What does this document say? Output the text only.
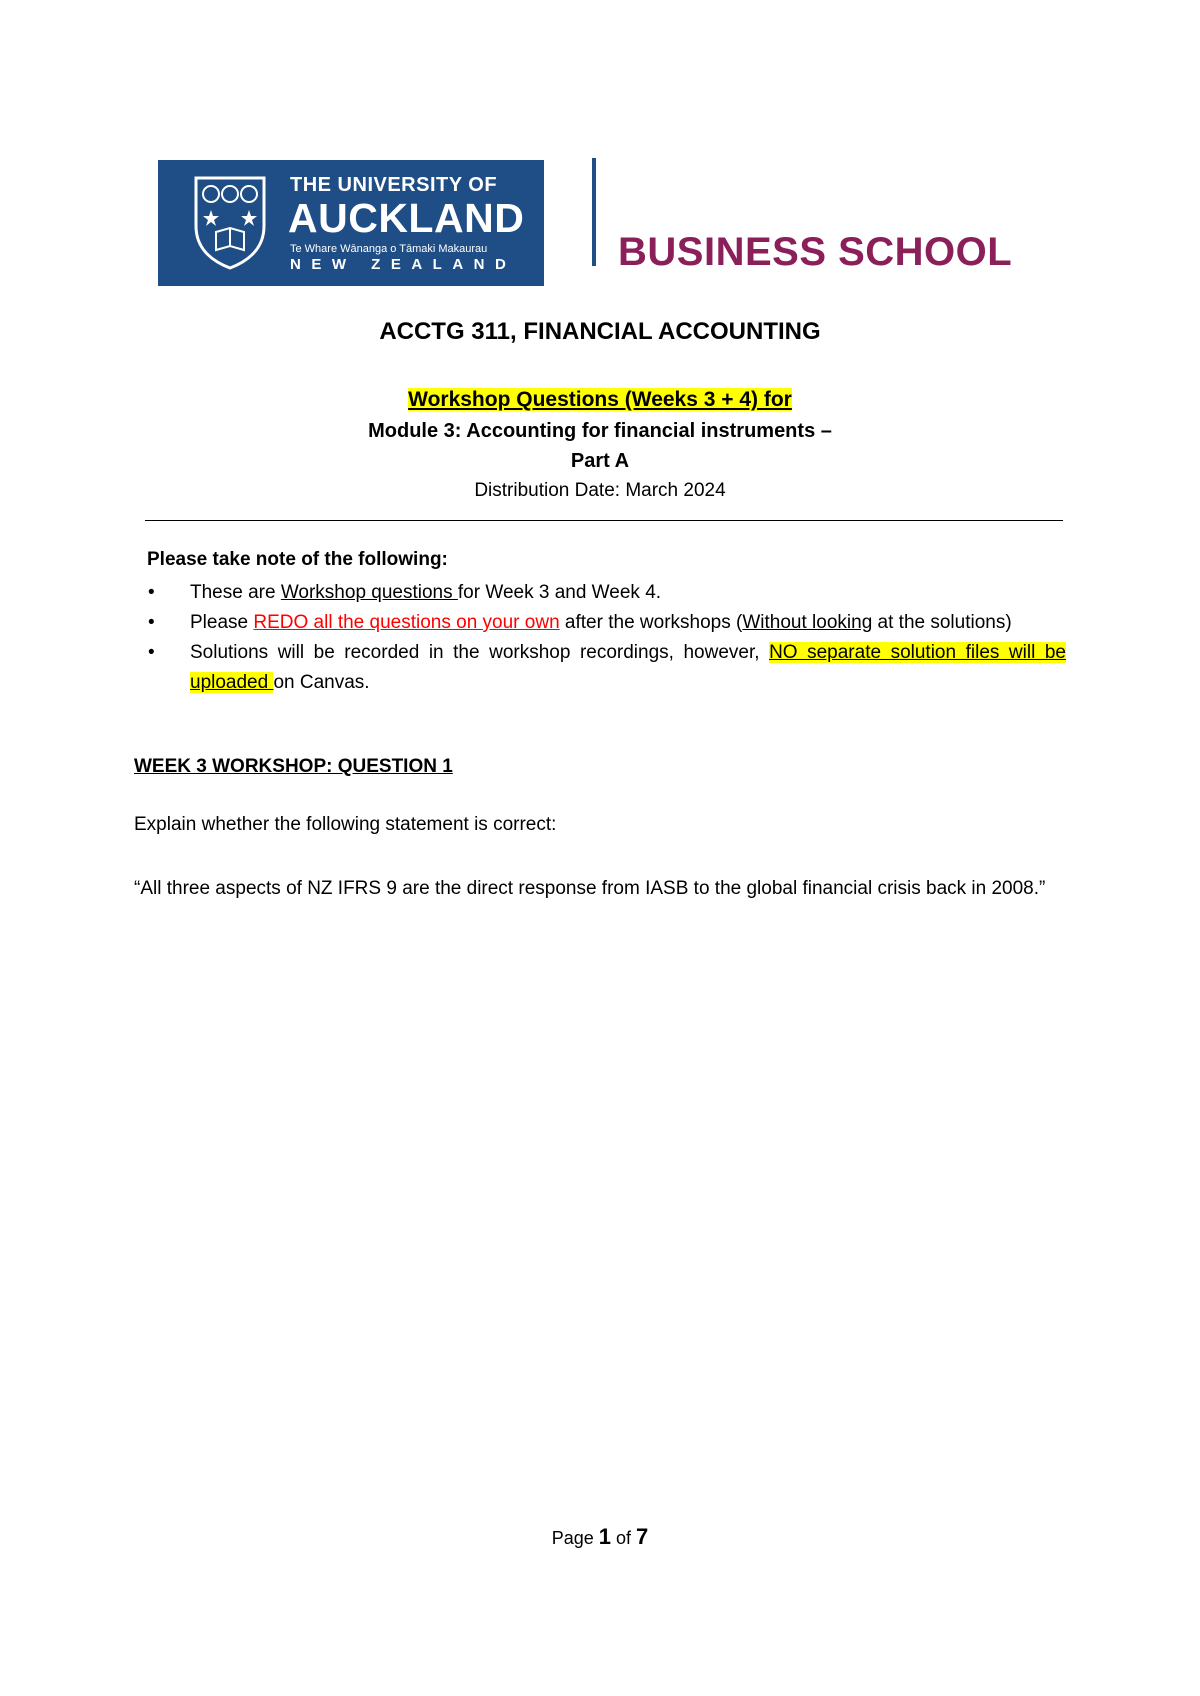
THE UNIVERSITY OF
AUCKLAND
Te Whare Wānanga o Tāmaki Makaurau
NEW ZEALAND	BUSINESS SCHOOL
ACCTG 311, FINANCIAL ACCOUNTING
Workshop Questions (Weeks 3 + 4) for
Module 3: Accounting for financial instruments –
Part A
Distribution Date: March 2024
Please take note of the following:
• These are Workshop questions for Week 3 and Week 4.
• Please REDO all the questions on your own after the workshops (Without looking at the solutions)
• Solutions will be recorded in the workshop recordings, however, NO separate solution files will be uploaded on Canvas.
WEEK 3 WORKSHOP: QUESTION 1
Explain whether the following statement is correct:
“All three aspects of NZ IFRS 9 are the direct response from IASB to the global financial crisis back in 2008.”
Page 1 of 7
